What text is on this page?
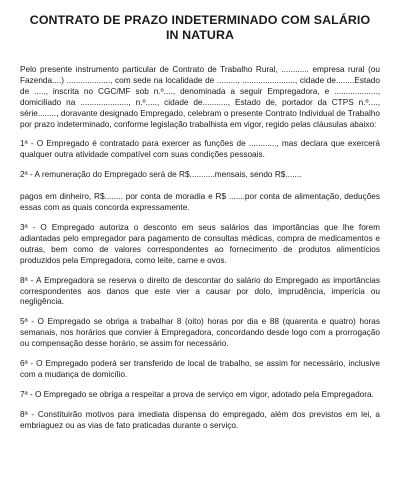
CONTRATO DE PRAZO INDETERMINADO COM SALÁRIO IN NATURA

Pelo presente instrumento particular de Contrato de Trabalho Rural, ............ empresa rural (ou Fazenda....) ..................., com sede na localidade de ........., ......................., cidade de........Estado de ....., inscrita no CGC/MF sob n.º...., denominada a seguir Empregadora, e ..................., domiciliado na ....................., n.º....., cidade de..........., Estado de, portador da CTPS n.º...., série........, doravante designado Empregado, celebram o presente Contrato Individual de Trabalho por prazo indeterminado, conforme legislação trabalhista em vigor, regido pelas cláusulas abaixo:

1ª - O Empregado é contratado para exercer as funções de ............, mas declara que exercerá qualquer outra atividade compatível com suas condições pessoais.

2ª - A remuneração do Empregado será de R$...........mensais, sendo R$.......

pagos em dinheiro, R$........ por conta de moradia e R$ .......por conta de alimentação, deduções essas com as quais concorda expressamente.

3ª - O Empregado autoriza o desconto em seus salários das importâncias que lhe forem adiantadas pelo empregador para pagamento de consultas médicas, compra de medicamentos e outras, bem como de valores correspondentes ao fornecimento de produtos alimentícios produzidos pela Empregadora, como leite, carne e ovos.

8ª - A Empregadora se reserva o direito de descontar do salário do Empregado as importâncias correspondentes aos danos que este vier a causar por dolo, imprudência, imperícia ou negligência.

5ª - O Empregado se obriga a trabalhar 8 (oito) horas por dia e 88 (quarenta e quatro) horas semanais, nos horários que convier à Empregadora, concordando desde logo com a prorrogação ou compensação desse horário, se assim for necessário.

6ª - O Empregado poderá ser transferido de local de trabalho, se assim for necessário, inclusive com a mudança de domicílio.

7ª - O Empregado se obriga a respeitar a prova de serviço em vigor, adotado pela Empregadora.

8ª - Constituirão motivos para imediata dispensa do empregado, além dos previstos em lei, a embriaguez ou as vias de fato praticadas durante o serviço.
